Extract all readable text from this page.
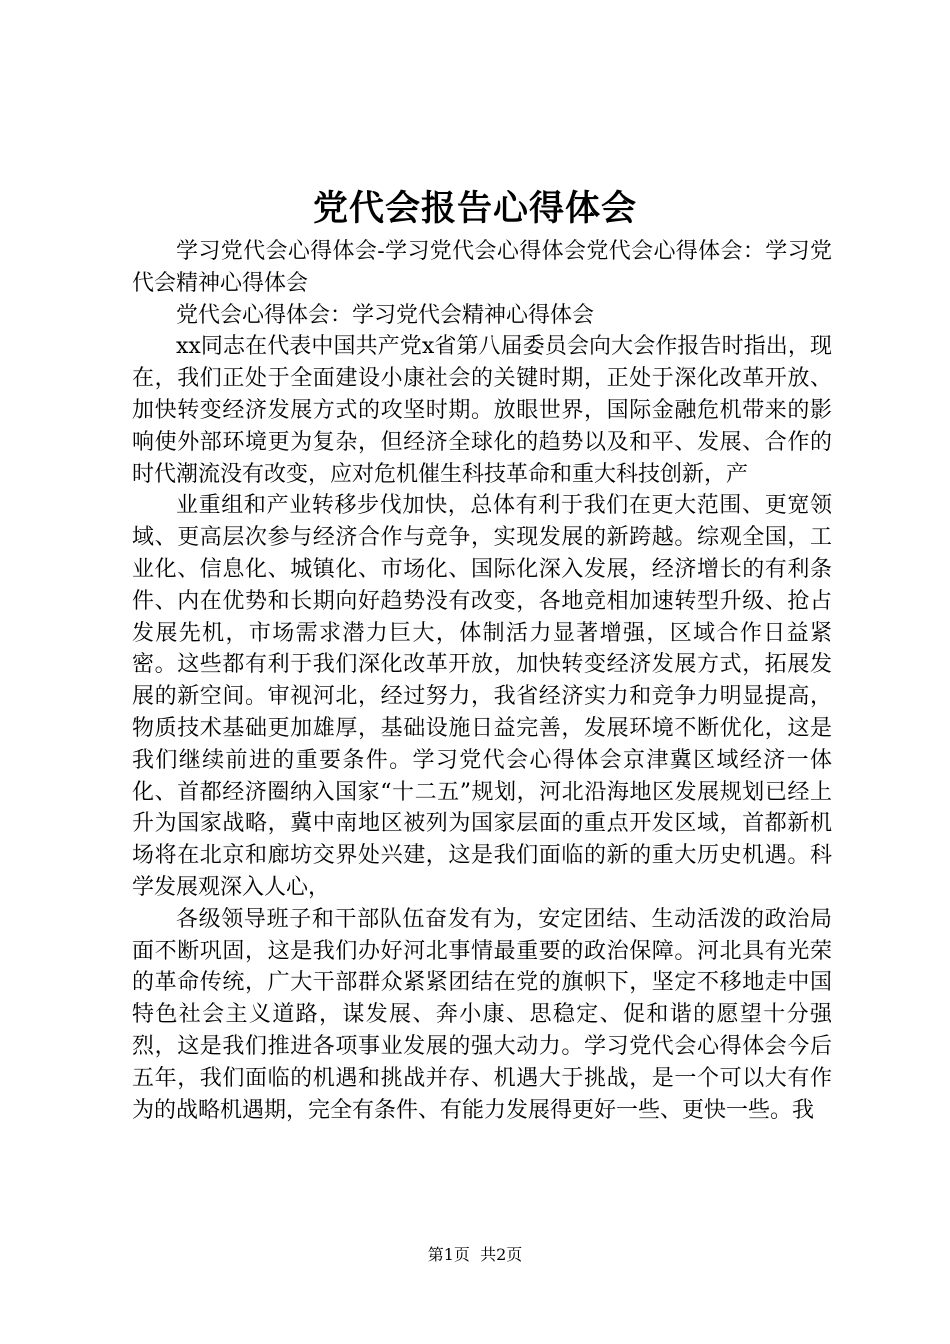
党代会报告心得体会

学习党代会心得体会-学习党代会心得体会党代会心得体会：学习党代会精神心得体会

党代会心得体会：学习党代会精神心得体会

xx同志在代表中国共产党x省第八届委员会向大会作报告时指出，现在，我们正处于全面建设小康社会的关键时期，正处于深化改革开放、加快转变经济发展方式的攻坚时期。放眼世界，国际金融危机带来的影响使外部环境更为复杂，但经济全球化的趋势以及和平、发展、合作的时代潮流没有改变，应对危机催生科技革命和重大科技创新，产

业重组和产业转移步伐加快，总体有利于我们在更大范围、更宽领域、更高层次参与经济合作与竞争，实现发展的新跨越。综观全国，工业化、信息化、城镇化、市场化、国际化深入发展，经济增长的有利条件、内在优势和长期向好趋势没有改变，各地竞相加速转型升级、抢占发展先机，市场需求潜力巨大，体制活力显著增强，区域合作日益紧密。这些都有利于我们深化改革开放，加快转变经济发展方式，拓展发展的新空间。审视河北，经过努力，我省经济实力和竞争力明显提高，物质技术基础更加雄厚，基础设施日益完善，发展环境不断优化，这是我们继续前进的重要条件。学习党代会心得体会京津冀区域经济一体化、首都经济圈纳入国家“十二五”规划，河北沿海地区发展规划已经上升为国家战略，冀中南地区被列为国家层面的重点开发区域，首都新机场将在北京和廊坊交界处兴建，这是我们面临的新的重大历史机遇。科学发展观深入人心，

各级领导班子和干部队伍奋发有为，安定团结、生动活泼的政治局面不断巩固，这是我们办好河北事情最重要的政治保障。河北具有光荣的革命传统，广大干部群众紧紧团结在党的旗帜下，坚定不移地走中国特色社会主义道路，谋发展、奔小康、思稳定、促和谐的愿望十分强烈，这是我们推进各项事业发展的强大动力。学习党代会心得体会今后五年，我们面临的机遇和挑战并存、机遇大于挑战，是一个可以大有作为的战略机遇期，完全有条件、有能力发展得更好一些、更快一些。我

第1页 共2页
